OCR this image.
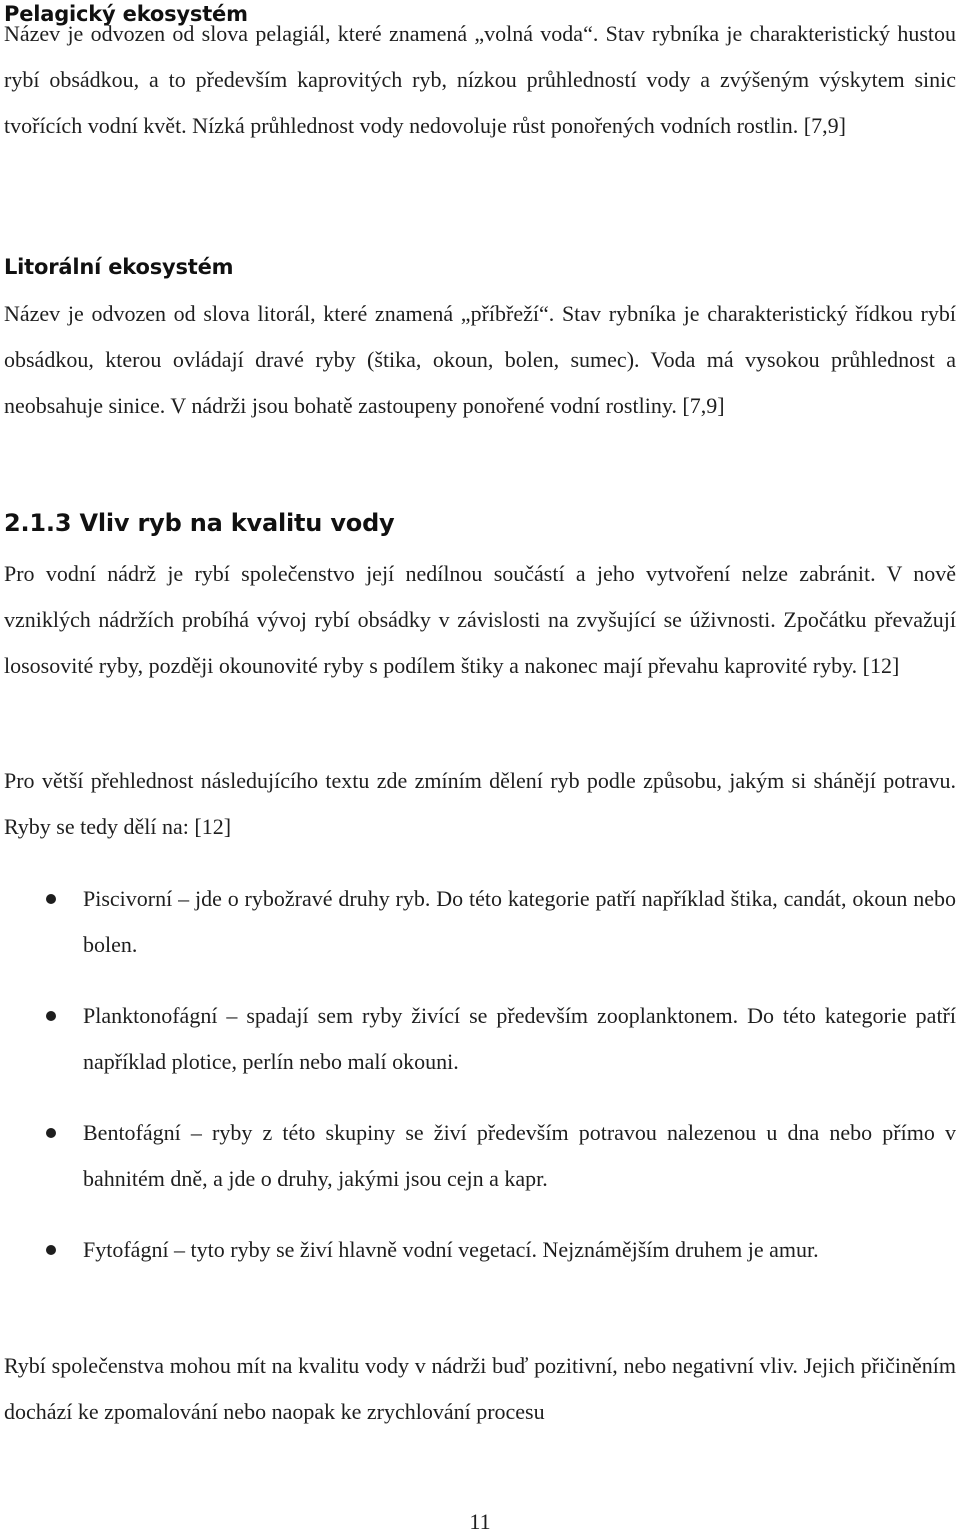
Pelagický ekosystém

Název je odvozen od slova pelagiál, které znamená „volná voda“. Stav rybníka je charakteristický hustou rybí obsádkou, a to především kaprovitých ryb, nízkou průhledností vody a zvýšeným výskytem sinic tvořících vodní květ. Nízká průhlednost vody nedovoluje růst ponořených vodních rostlin. [7,9]

Litorální ekosystém

Název je odvozen od slova litorál, které znamená „příbřeží“. Stav rybníka je charakteristický řídkou rybí obsádkou, kterou ovládají dravé ryby (štika, okoun, bolen, sumec). Voda má vysokou průhlednost a neobsahuje sinice. V nádrži jsou bohatě zastoupeny ponořené vodní rostliny. [7,9]

2.1.3 Vliv ryb na kvalitu vody

Pro vodní nádrž je rybí společenstvo její nedílnou součástí a jeho vytvoření nelze zabránit. V nově vzniklých nádržích probíhá vývoj rybí obsádky v závislosti na zvyšující se úživnosti. Zpočátku převažují lososovité ryby, později okounovité ryby s podílem štiky a nakonec mají převahu kaprovité ryby. [12]

Pro větší přehlednost následujícího textu zde zmíním dělení ryb podle způsobu, jakým si shánějí potravu. Ryby se tedy dělí na: [12]

Piscivorní – jde o rybožravé druhy ryb. Do této kategorie patří například štika, candát, okoun nebo bolen.
Planktonofágní – spadají sem ryby živící se především zooplanktonem. Do této kategorie patří například plotice, perlín nebo malí okouni.
Bentofágní – ryby z této skupiny se živí především potravou nalezenou u dna nebo přímo v bahnitém dně, a jde o druhy, jakými jsou cejn a kapr.
Fytofágní – tyto ryby se živí hlavně vodní vegetací. Nejznámějším druhem je amur.

Rybí společenstva mohou mít na kvalitu vody v nádrži buď pozitivní, nebo negativní vliv. Jejich přičiněním dochází ke zpomalování nebo naopak ke zrychlování procesu

11
